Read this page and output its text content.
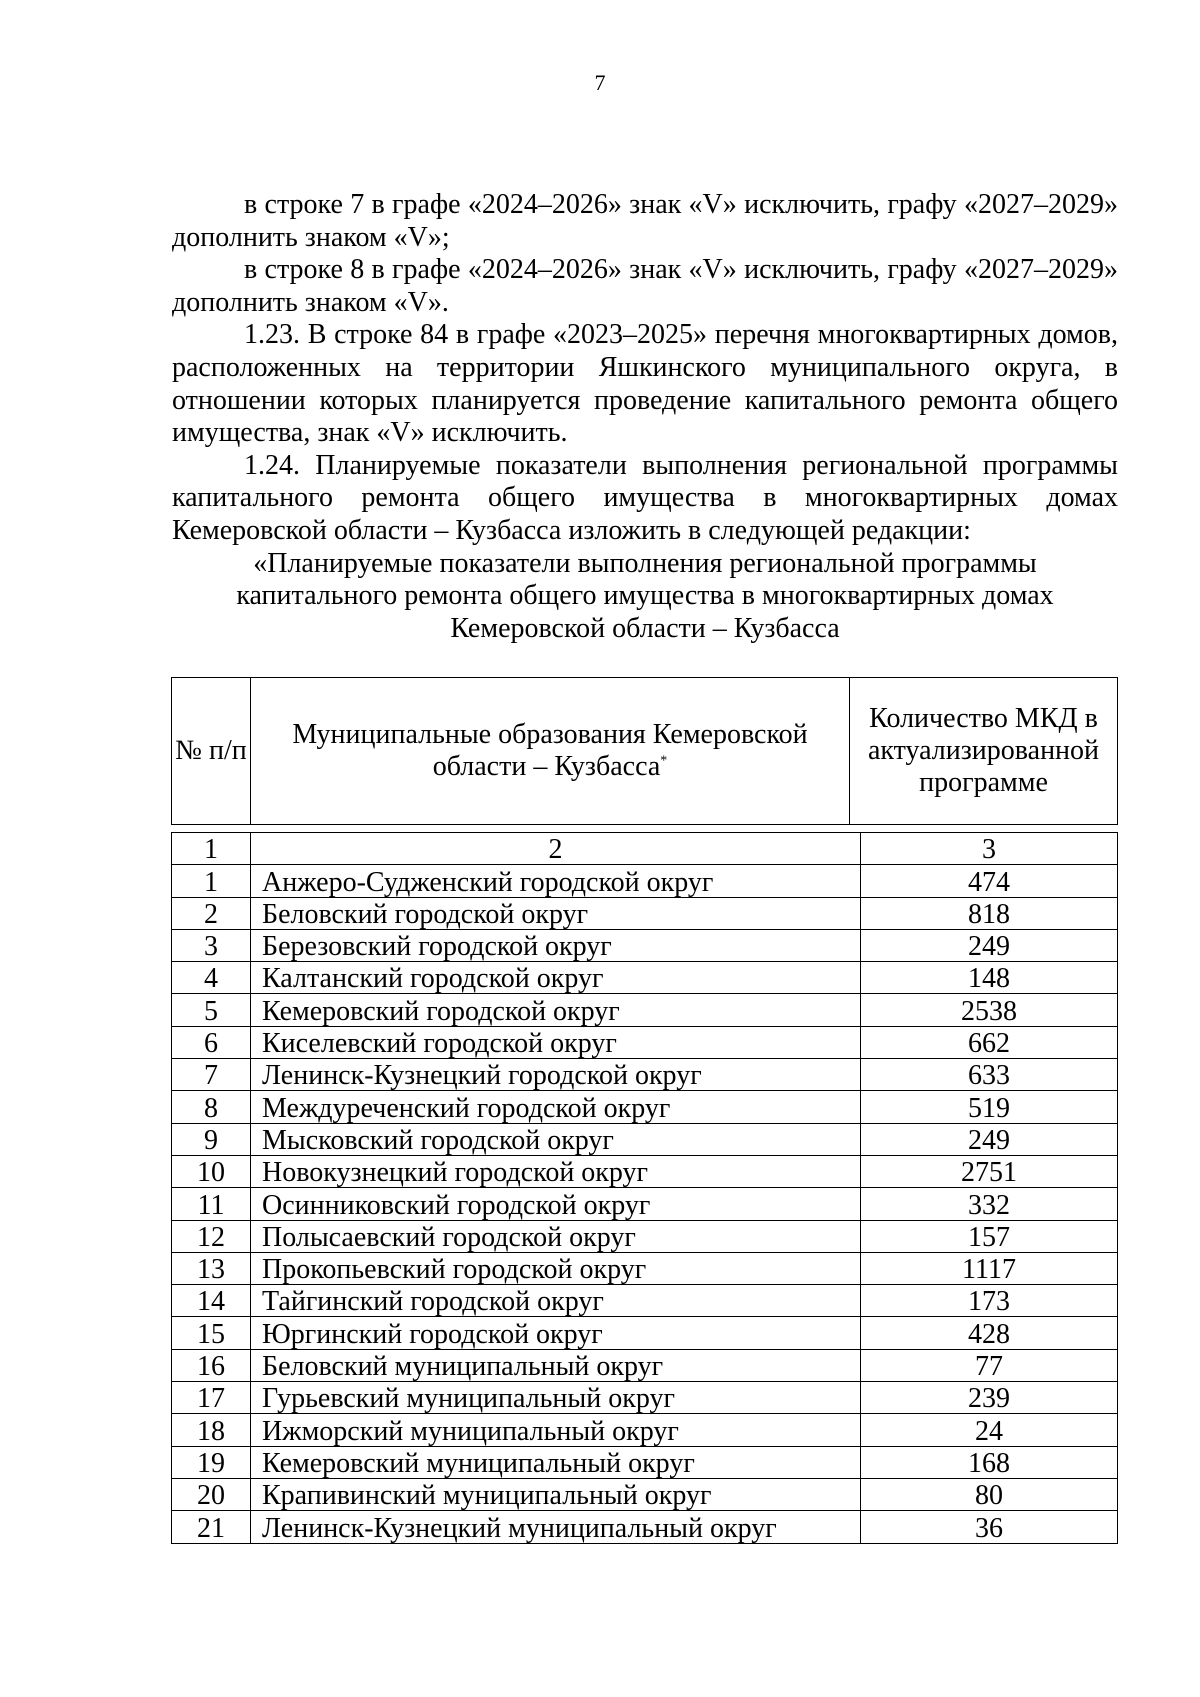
7

в строке 7 в графе «2024–2026» знак «V» исключить, графу «2027–2029» дополнить знаком «V»;

в строке 8 в графе «2024–2026» знак «V» исключить, графу «2027–2029» дополнить знаком «V».

1.23. В строке 84 в графе «2023–2025» перечня многоквартирных домов, расположенных на территории Яшкинского муниципального округа, в отношении которых планируется проведение капитального ремонта общего имущества, знак «V» исключить.

1.24. Планируемые показатели выполнения региональной программы капитального ремонта общего имущества в многоквартирных домах Кемеровской области – Кузбасса изложить в следующей редакции:

«Планируемые показатели выполнения региональной программы

капитального ремонта общего имущества в многоквартирных домах

Кемеровской области – Кузбасса

№ п/п	Муниципальные образования Кемеровской области – Кузбасса*	Количество МКД в актуализированной программе
1	2	3
1	Анжеро-Судженский городской округ	474
2	Беловский городской округ	818
3	Березовский городской округ	249
4	Калтанский городской округ	148
5	Кемеровский городской округ	2538
6	Киселевский городской округ	662
7	Ленинск-Кузнецкий городской округ	633
8	Междуреченский городской округ	519
9	Мысковский городской округ	249
10	Новокузнецкий городской округ	2751
11	Осинниковский городской округ	332
12	Полысаевский городской округ	157
13	Прокопьевский городской округ	1117
14	Тайгинский городской округ	173
15	Юргинский городской округ	428
16	Беловский муниципальный округ	77
17	Гурьевский муниципальный округ	239
18	Ижморский муниципальный округ	24
19	Кемеровский муниципальный округ	168
20	Крапивинский муниципальный округ	80
21	Ленинск-Кузнецкий муниципальный округ	36
